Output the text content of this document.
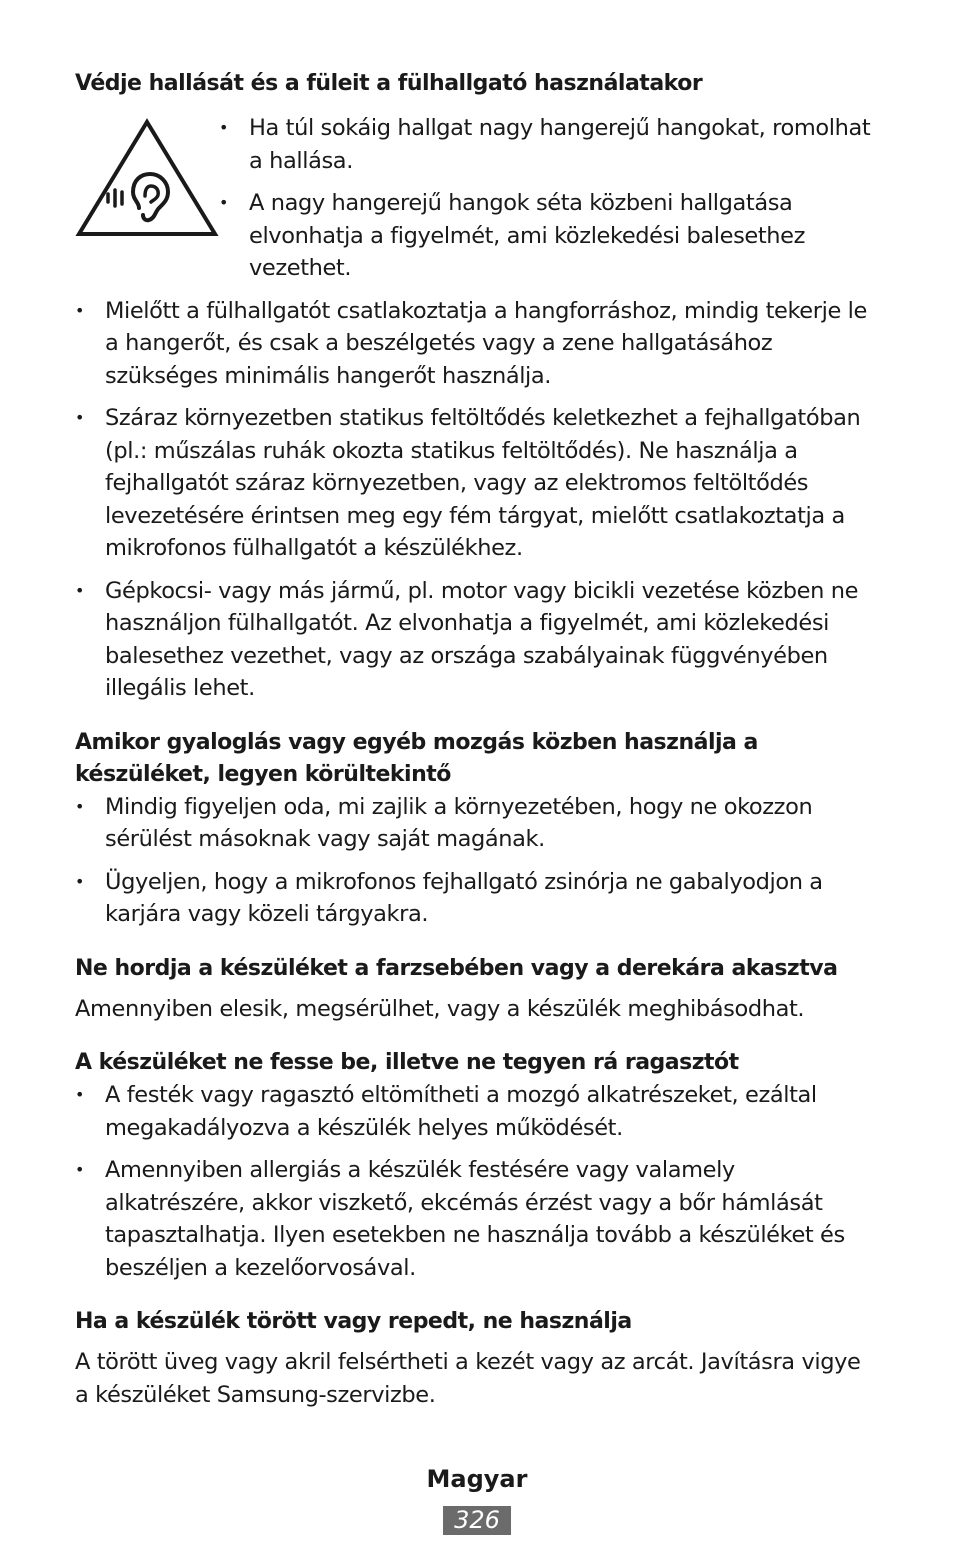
Védje hallását és a füleit a fülhallgató használatakor
• Ha túl sokáig hallgat nagy hangerejű hangokat, romolhat a hallása.
• A nagy hangerejű hangok séta közbeni hallgatása elvonhatja a figyelmét, ami közlekedési balesethez vezethet.
• Mielőtt a fülhallgatót csatlakoztatja a hangforráshoz, mindig tekerje le a hangerőt, és csak a beszélgetés vagy a zene hallgatásához szükséges minimális hangerőt használja.
• Száraz környezetben statikus feltöltődés keletkezhet a fejhallgatóban (pl.: műszálas ruhák okozta statikus feltöltődés). Ne használja a fejhallgatót száraz környezetben, vagy az elektromos feltöltődés levezetésére érintsen meg egy fém tárgyat, mielőtt csatlakoztatja a mikrofonos fülhallgatót a készülékhez.
• Gépkocsi- vagy más jármű, pl. motor vagy bicikli vezetése közben ne használjon fülhallgatót. Az elvonhatja a figyelmét, ami közlekedési balesethez vezethet, vagy az országa szabályainak függvényében illegális lehet.
Amikor gyaloglás vagy egyéb mozgás közben használja a készüléket, legyen körültekintő
• Mindig figyeljen oda, mi zajlik a környezetében, hogy ne okozzon sérülést másoknak vagy saját magának.
• Ügyeljen, hogy a mikrofonos fejhallgató zsinórja ne gabalyodjon a karjára vagy közeli tárgyakra.
Ne hordja a készüléket a farzsebében vagy a derekára akasztva

Amennyiben elesik, megsérülhet, vagy a készülék meghibásodhat.

A készüléket ne fesse be, illetve ne tegyen rá ragasztót
• A festék vagy ragasztó eltömítheti a mozgó alkatrészeket, ezáltal megakadályozva a készülék helyes működését.
• Amennyiben allergiás a készülék festésére vagy valamely alkatrészére, akkor viszkető, ekcémás érzést vagy a bőr hámlását tapasztalhatja. Ilyen esetekben ne használja tovább a készüléket és beszéljen a kezelőorvosával.
Ha a készülék törött vagy repedt, ne használja

A törött üveg vagy akril felsértheti a kezét vagy az arcát. Javításra vigye a készüléket Samsung-szervizbe.

Magyar
326
